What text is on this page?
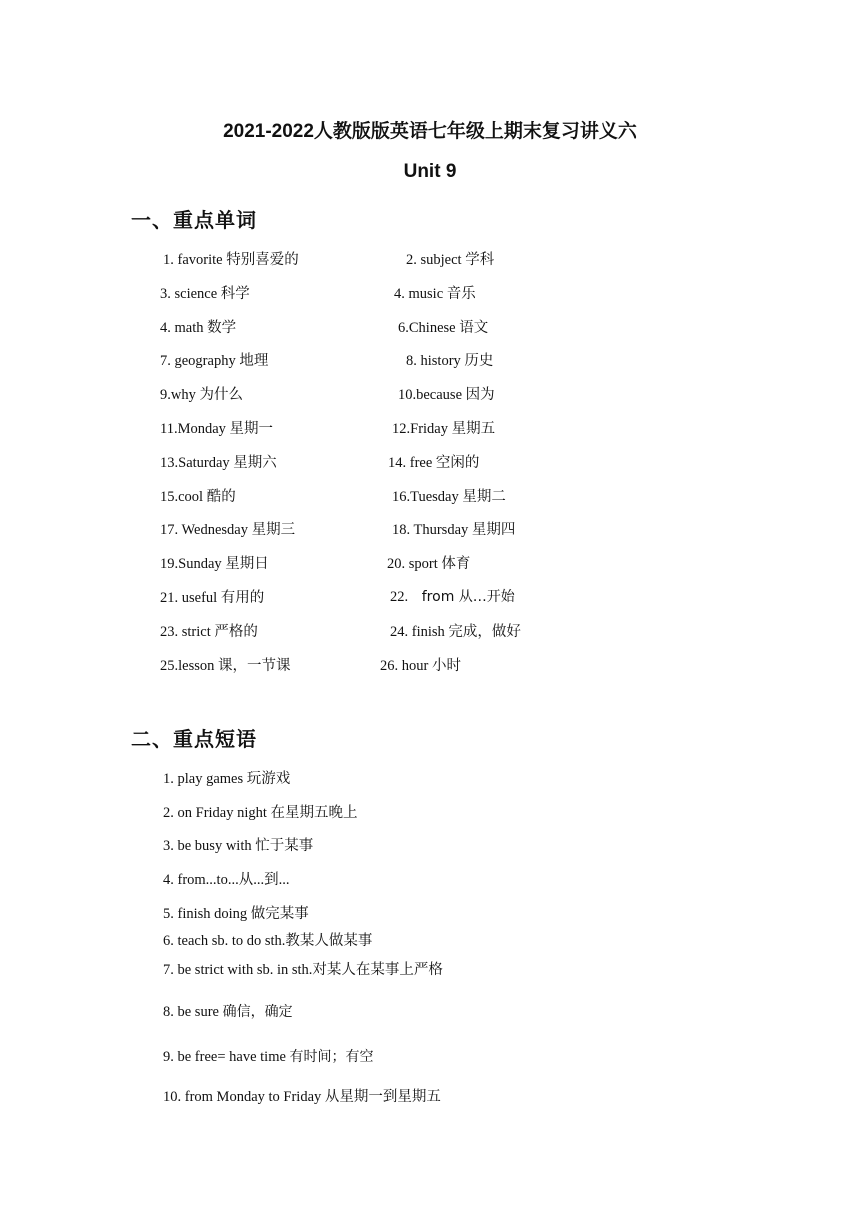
2021-2022人教版版英语七年级上期末复习讲义六
Unit 9
一、重点单词
1. favorite 特别喜爱的
3. science 科学
4. math 数学
7. geography 地理
9.why 为什么
11.Monday 星期一
13.Saturday 星期六
15.cool 酷的
17. Wednesday 星期三
19.Sunday 星期日
21. useful 有用的
23. strict 严格的
25.lesson 课，一节课
2. subject 学科
4. music 音乐
6.Chinese 语文
8. history 历史
10.because 因为
12.Friday 星期五
14. free 空闲的
16.Tuesday 星期二
18. Thursday 星期四
20. sport 体育
22. from 从…开始
24. finish 完成，做好
26. hour 小时
二、重点短语
1. play games 玩游戏
2. on Friday night 在星期五晚上
3. be busy with 忙于某事
4. from...to...从...到...
5. finish doing 做完某事
6. teach sb. to do sth.教某人做某事
7. be strict with sb. in sth.对某人在某事上严格
8. be sure 确信，确定
9. be free= have time 有时间；有空
10. from Monday to Friday 从星期一到星期五
